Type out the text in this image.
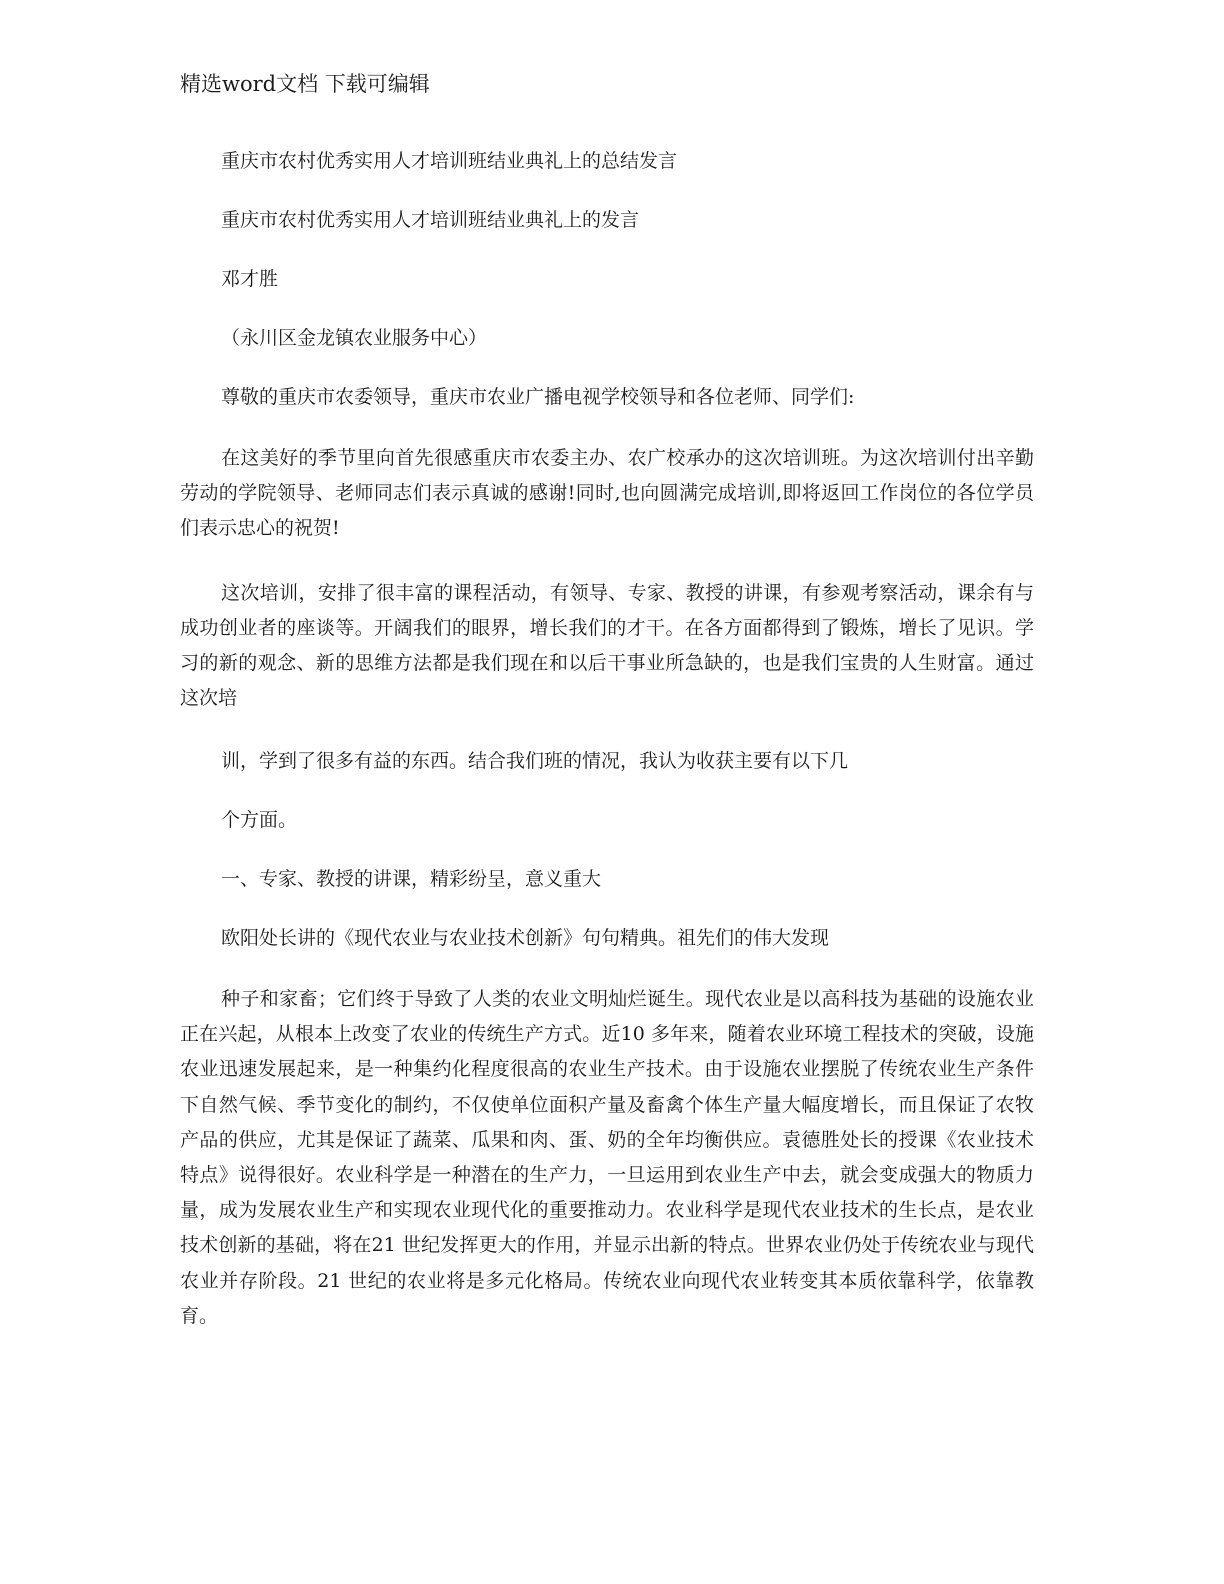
精选word文档 下载可编辑

重庆市农村优秀实用人才培训班结业典礼上的总结发言

重庆市农村优秀实用人才培训班结业典礼上的发言

邓才胜

（永川区金龙镇农业服务中心）

尊敬的重庆市农委领导，重庆市农业广播电视学校领导和各位老师、同学们:

在这美好的季节里向首先很感重庆市农委主办、农广校承办的这次培训班。为这次培训付出辛勤劳动的学院领导、老师同志们表示真诚的感谢!同时,也向圆满完成培训,即将返回工作岗位的各位学员们表示忠心的祝贺!

这次培训，安排了很丰富的课程活动，有领导、专家、教授的讲课，有参观考察活动，课余有与成功创业者的座谈等。开阔我们的眼界，增长我们的才干。在各方面都得到了锻炼，增长了见识。学习的新的观念、新的思维方法都是我们现在和以后干事业所急缺的，也是我们宝贵的人生财富。通过这次培

训，学到了很多有益的东西。结合我们班的情况，我认为收获主要有以下几

个方面。

一、专家、教授的讲课，精彩纷呈，意义重大

欧阳处长讲的《现代农业与农业技术创新》句句精典。祖先们的伟大发现

种子和家畜；它们终于导致了人类的农业文明灿烂诞生。现代农业是以高科技为基础的设施农业正在兴起，从根本上改变了农业的传统生产方式。近10 多年来，随着农业环境工程技术的突破，设施农业迅速发展起来，是一种集约化程度很高的农业生产技术。由于设施农业摆脱了传统农业生产条件下自然气候、季节变化的制约，不仅使单位面积产量及畜禽个体生产量大幅度增长，而且保证了农牧产品的供应，尤其是保证了蔬菜、瓜果和肉、蛋、奶的全年均衡供应。袁德胜处长的授课《农业技术特点》说得很好。农业科学是一种潜在的生产力，一旦运用到农业生产中去，就会变成强大的物质力量，成为发展农业生产和实现农业现代化的重要推动力。农业科学是现代农业技术的生长点，是农业技术创新的基础，将在21 世纪发挥更大的作用，并显示出新的特点。世界农业仍处于传统农业与现代农业并存阶段。21 世纪的农业将是多元化格局。传统农业向现代农业转变其本质依靠科学，依靠教育。
